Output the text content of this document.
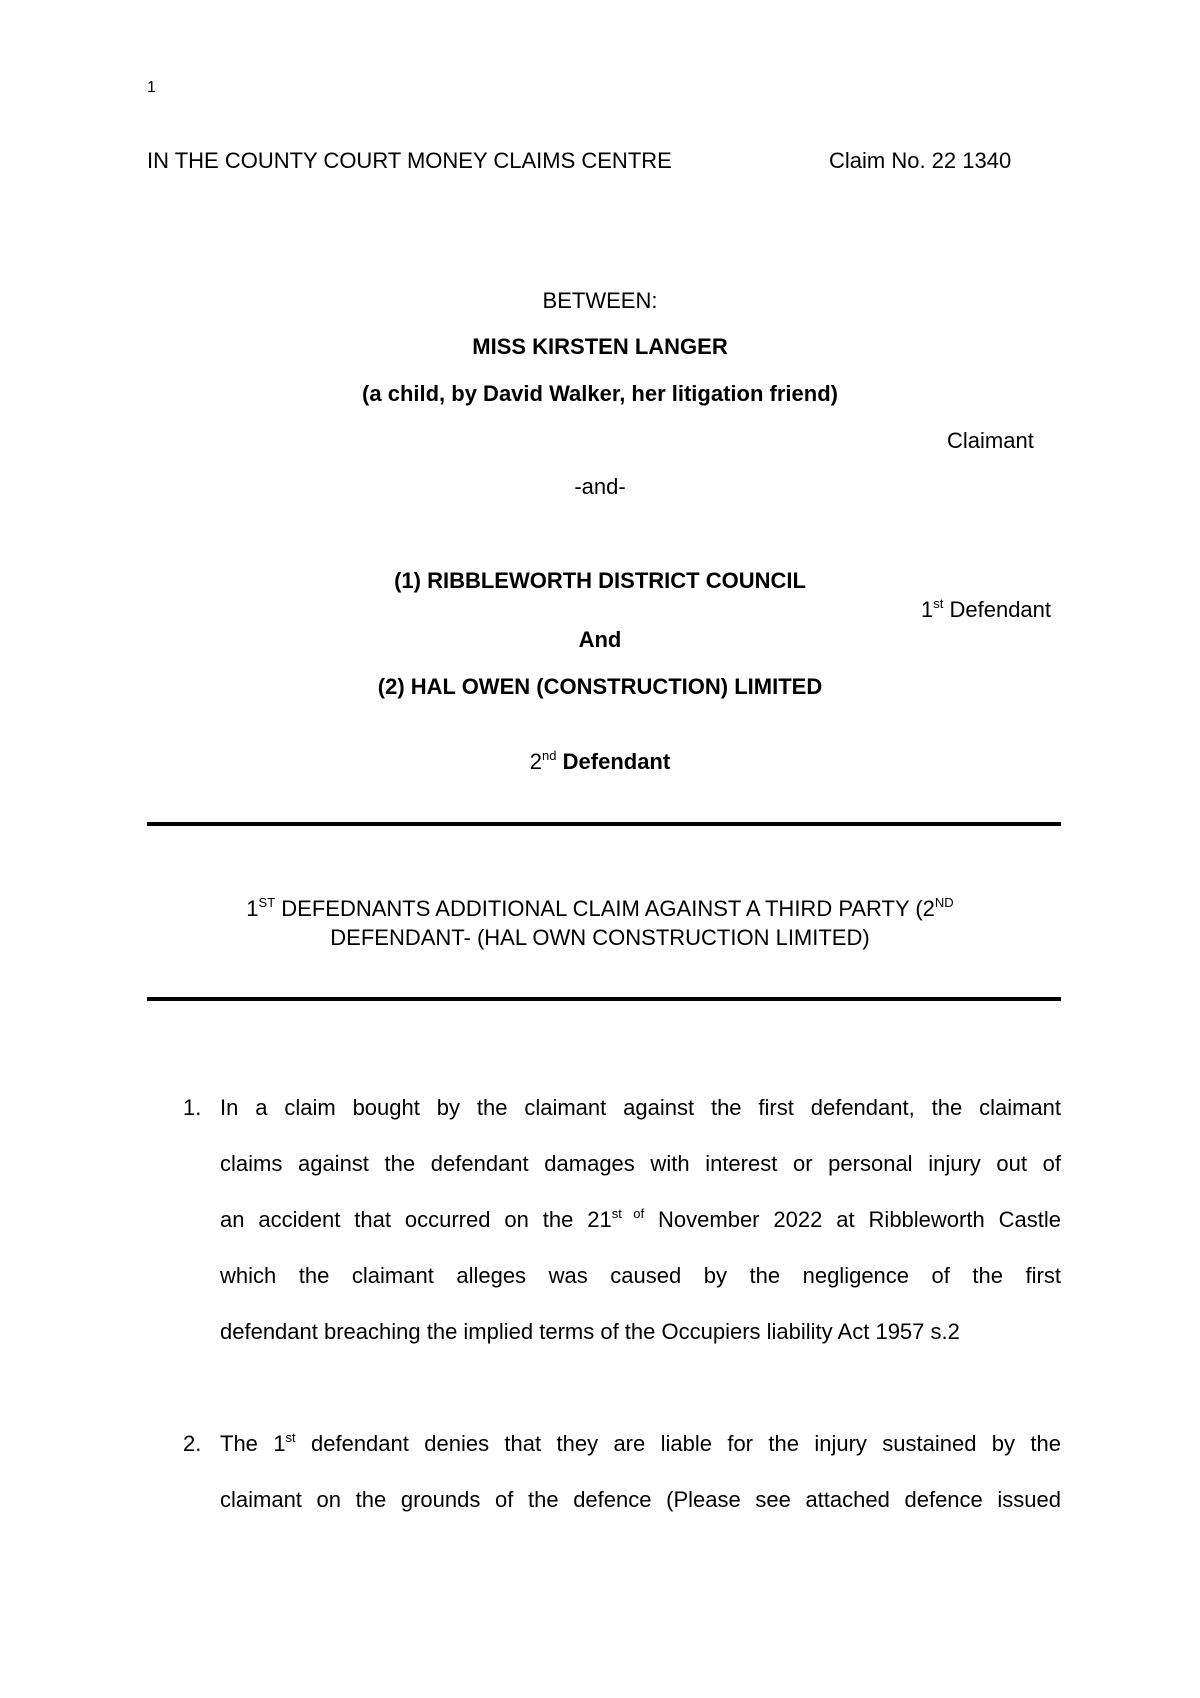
1
IN THE COUNTY COURT MONEY CLAIMS CENTRE	Claim No. 22 1340
BETWEEN:
MISS KIRSTEN LANGER
(a child, by David Walker, her litigation friend)
Claimant
-and-
(1) RIBBLEWORTH DISTRICT COUNCIL
1st Defendant
And
(2) HAL OWEN (CONSTRUCTION) LIMITED
2nd Defendant
1ST DEFEDNANTS ADDITIONAL CLAIM AGAINST A THIRD PARTY (2ND
DEFENDANT- (HAL OWN CONSTRUCTION LIMITED)
1. In a claim bought by the claimant against the first defendant, the claimant
claims against the defendant damages with interest or personal injury out of
an accident that occurred on the $21^{st of}$ November 2022 at Ribbleworth Castle
which the claimant alleges was caused by the negligence of the first
defendant breaching the implied terms of the Occupiers liability Act 1957 s.2
2. The 1st defendant denies that they are liable for the injury sustained by the
claimant on the grounds of the defence (Please see attached defence issued
